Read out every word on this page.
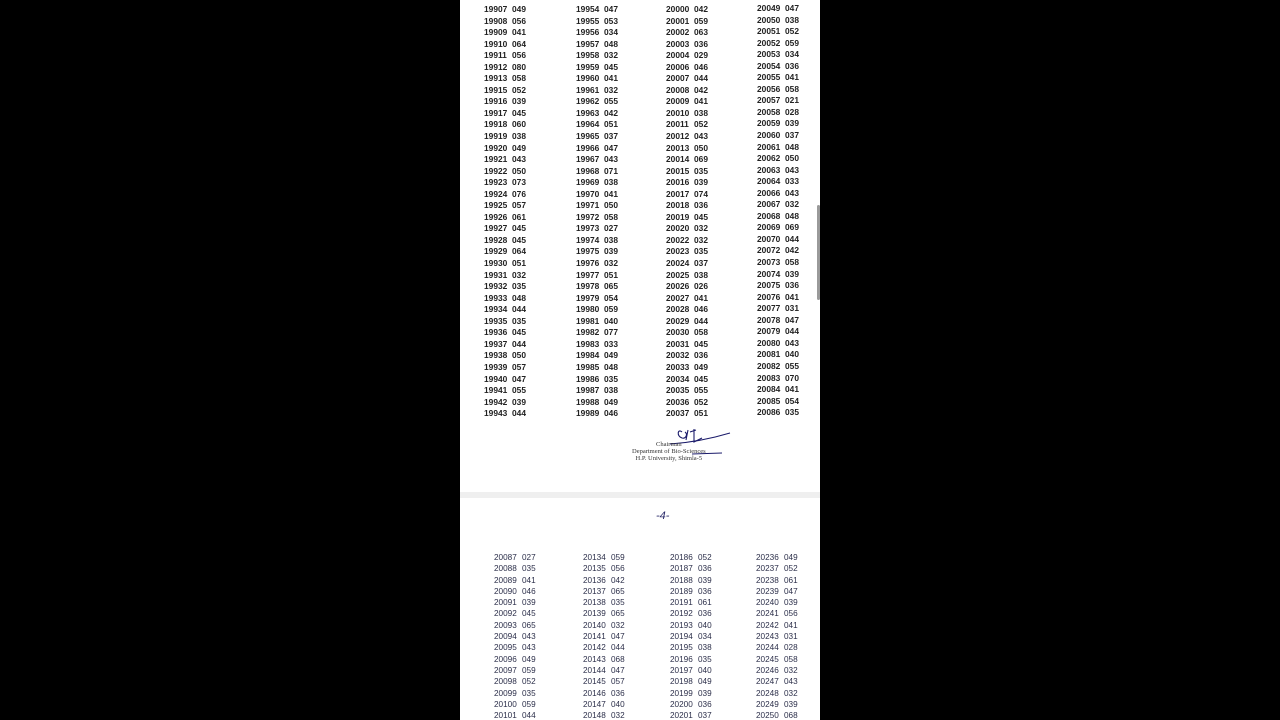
19907 049
19908 056
19909 041
19910 064
19911 056
19912 080
19913 058
19915 052
19916 039
19917 045
19918 060
19919 038
19920 049
19921 043
19922 050
19923 073
19924 076
19925 057
19926 061
19927 045
19928 045
19929 064
19930 051
19931 032
19932 035
19933 048
19934 044
19935 035
19936 045
19937 044
19938 050
19939 057
19940 047
19941 055
19942 039
19943 044
19954 047
19955 053
19956 034
19957 048
19958 032
19959 045
19960 041
19961 032
19962 055
19963 042
19964 051
19965 037
19966 047
19967 043
19968 071
19969 038
19970 041
19971 050
19972 058
19973 027
19974 038
19975 039
19976 032
19977 051
19978 065
19979 054
19980 059
19981 040
19982 077
19983 033
19984 049
19985 048
19986 035
19987 038
19988 049
19989 046
20000 042
20001 059
20002 063
20003 036
20004 029
20006 046
20007 044
20008 042
20009 041
20010 038
20011 052
20012 043
20013 050
20014 069
20015 035
20016 039
20017 074
20018 036
20019 045
20020 032
20022 032
20023 035
20024 037
20025 038
20026 026
20027 041
20028 046
20029 044
20030 058
20031 045
20032 036
20033 049
20034 045
20035 055
20036 052
20037 051
20049 047
20050 038
20051 052
20052 059
20053 034
20054 036
20055 041
20056 058
20057 021
20058 028
20059 039
20060 037
20061 048
20062 050
20063 043
20064 033
20066 043
20067 032
20068 048
20069 069
20070 044
20072 042
20073 058
20074 039
20075 036
20076 041
20077 031
20078 047
20079 044
20080 043
20081 040
20082 055
20083 070
20084 041
20085 054
20086 035
Chairman
Department of Bio-Sciences
H.P. University, Shimla-5
-4-
20087 027
20088 035
20089 041
20090 046
20091 039
20092 045
20093 065
20094 043
20095 043
20096 049
20097 059
20098 052
20099 035
20100 059
20101 044
20134 059
20135 056
20136 042
20137 065
20138 035
20139 065
20140 032
20141 047
20142 044
20143 068
20144 047
20145 057
20146 036
20147 040
20148 032
20186 052
20187 036
20188 039
20189 036
20191 061
20192 036
20193 040
20194 034
20195 038
20196 035
20197 040
20198 049
20199 039
20200 036
20201 037
20236 049
20237 052
20238 061
20239 047
20240 039
20241 056
20242 041
20243 031
20244 028
20245 058
20246 032
20247 043
20248 032
20249 039
20250 068
